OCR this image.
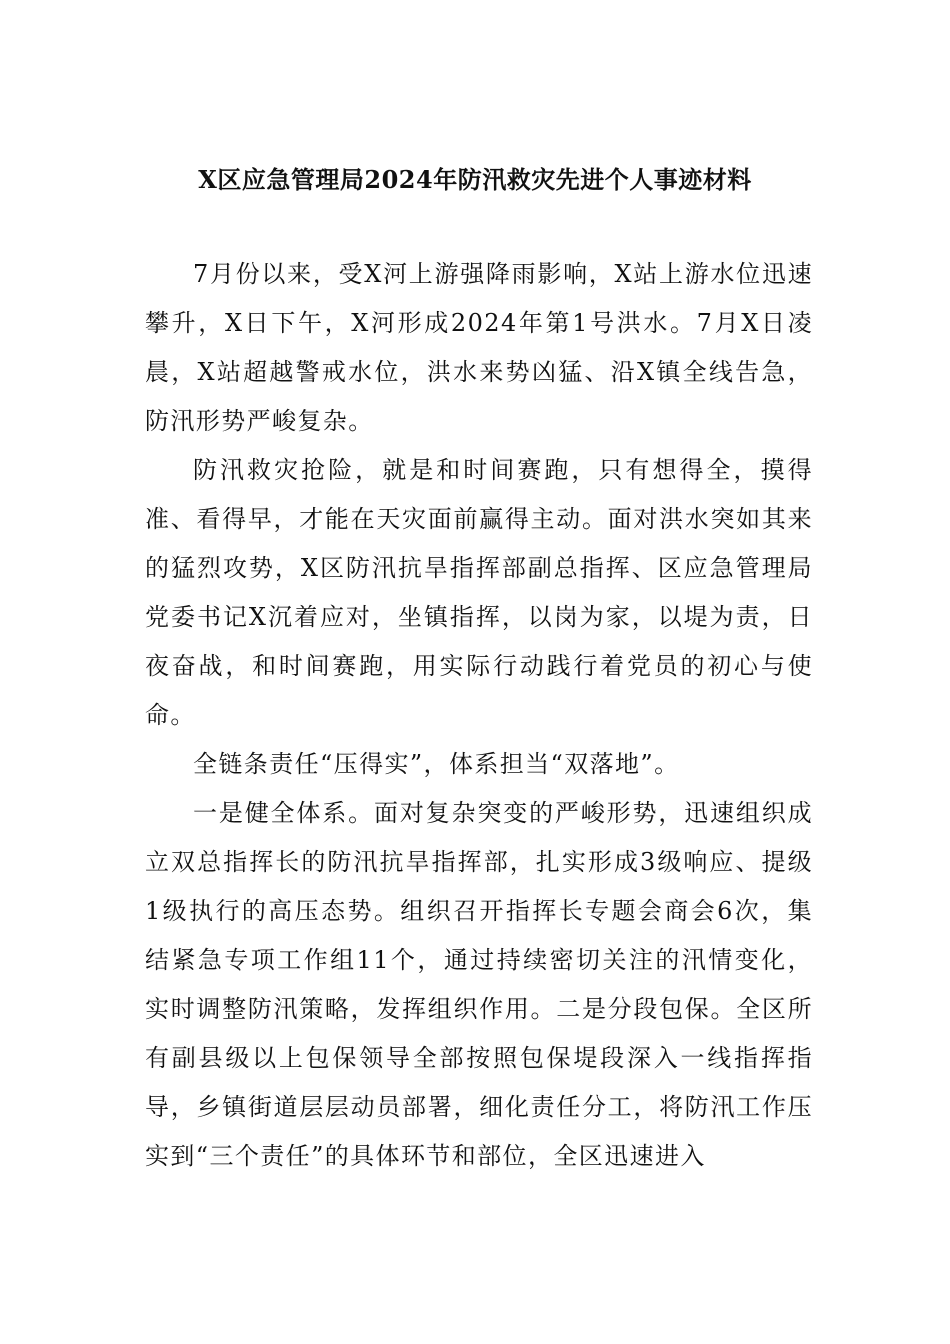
X区应急管理局2024年防汛救灾先进个人事迹材料

7月份以来，受X河上游强降雨影响，X站上游水位迅速攀升，X日下午，X河形成2024年第1号洪水。7月X日凌晨，X站超越警戒水位，洪水来势凶猛、沿X镇全线告急，防汛形势严峻复杂。

防汛救灾抢险，就是和时间赛跑，只有想得全，摸得准、看得早，才能在天灾面前赢得主动。面对洪水突如其来的猛烈攻势，X区防汛抗旱指挥部副总指挥、区应急管理局党委书记X沉着应对，坐镇指挥，以岗为家，以堤为责，日夜奋战，和时间赛跑，用实际行动践行着党员的初心与使命。

全链条责任“压得实”，体系担当“双落地”。

一是健全体系。面对复杂突变的严峻形势，迅速组织成立双总指挥长的防汛抗旱指挥部，扎实形成3级响应、提级1级执行的高压态势。组织召开指挥长专题会商会6次，集结紧急专项工作组11个，通过持续密切关注的汛情变化，实时调整防汛策略，发挥组织作用。二是分段包保。全区所有副县级以上包保领导全部按照包保堤段深入一线指挥指导，乡镇街道层层动员部署，细化责任分工，将防汛工作压实到“三个责任”的具体环节和部位，全区迅速进入
